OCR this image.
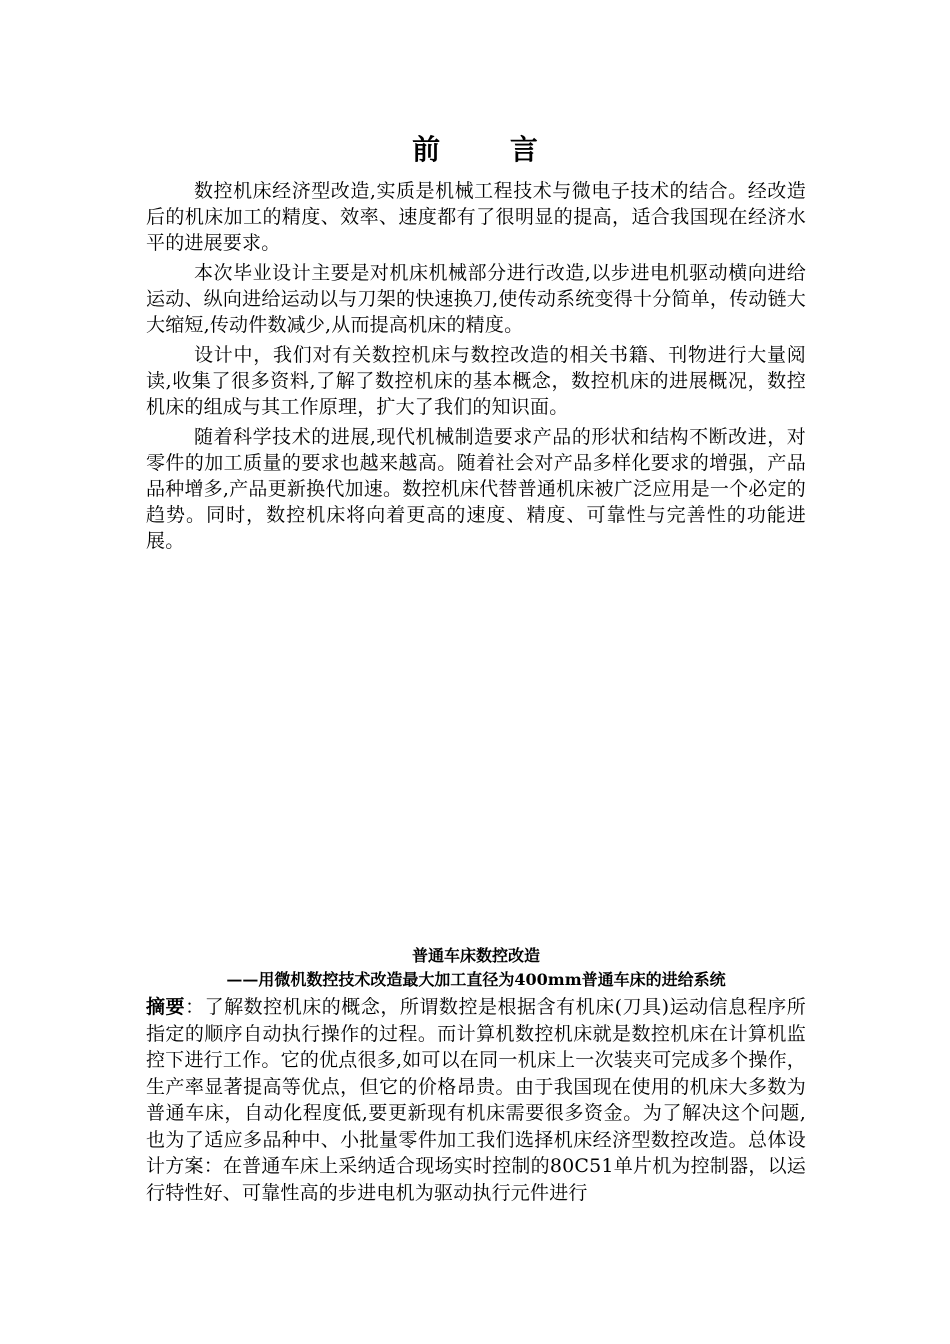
前 言

数控机床经济型改造,实质是机械工程技术与微电子技术的结合。经改造后的机床加工的精度、效率、速度都有了很明显的提高，适合我国现在经济水平的进展要求。

本次毕业设计主要是对机床机械部分进行改造,以步进电机驱动横向进给运动、纵向进给运动以与刀架的快速换刀,使传动系统变得十分简单，传动链大大缩短,传动件数减少,从而提高机床的精度。

设计中，我们对有关数控机床与数控改造的相关书籍、刊物进行大量阅读,收集了很多资料,了解了数控机床的基本概念，数控机床的进展概况，数控机床的组成与其工作原理，扩大了我们的知识面。

随着科学技术的进展,现代机械制造要求产品的形状和结构不断改进，对零件的加工质量的要求也越来越高。随着社会对产品多样化要求的增强，产品品种增多,产品更新换代加速。数控机床代替普通机床被广泛应用是一个必定的趋势。同时，数控机床将向着更高的速度、精度、可靠性与完善性的功能进展。

普通车床数控改造
——用微机数控技术改造最大加工直径为400mm普通车床的进给系统

摘要：了解数控机床的概念，所谓数控是根据含有机床(刀具)运动信息程序所指定的顺序自动执行操作的过程。而计算机数控机床就是数控机床在计算机监控下进行工作。它的优点很多,如可以在同一机床上一次装夹可完成多个操作，生产率显著提高等优点，但它的价格昂贵。由于我国现在使用的机床大多数为普通车床，自动化程度低,要更新现有机床需要很多资金。为了解决这个问题,也为了适应多品种中、小批量零件加工我们选择机床经济型数控改造。总体设计方案：在普通车床上采纳适合现场实时控制的80C51单片机为控制器，以运行特性好、可靠性高的步进电机为驱动执行元件进行
